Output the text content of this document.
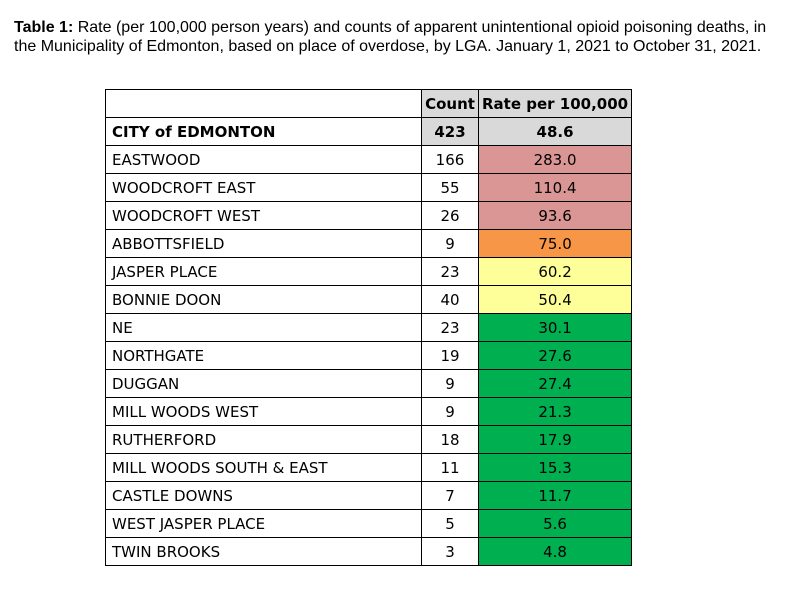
Table 1: Rate (per 100,000 person years) and counts of apparent unintentional opioid poisoning deaths, in the Municipality of Edmonton, based on place of overdose, by LGA. January 1, 2021 to October 31, 2021.

	Count	Rate per 100,000
CITY of EDMONTON	423	48.6
EASTWOOD	166	283.0
WOODCROFT EAST	55	110.4
WOODCROFT WEST	26	93.6
ABBOTTSFIELD	9	75.0
JASPER PLACE	23	60.2
BONNIE DOON	40	50.4
NE	23	30.1
NORTHGATE	19	27.6
DUGGAN	9	27.4
MILL WOODS WEST	9	21.3
RUTHERFORD	18	17.9
MILL WOODS SOUTH & EAST	11	15.3
CASTLE DOWNS	7	11.7
WEST JASPER PLACE	5	5.6
TWIN BROOKS	3	4.8
